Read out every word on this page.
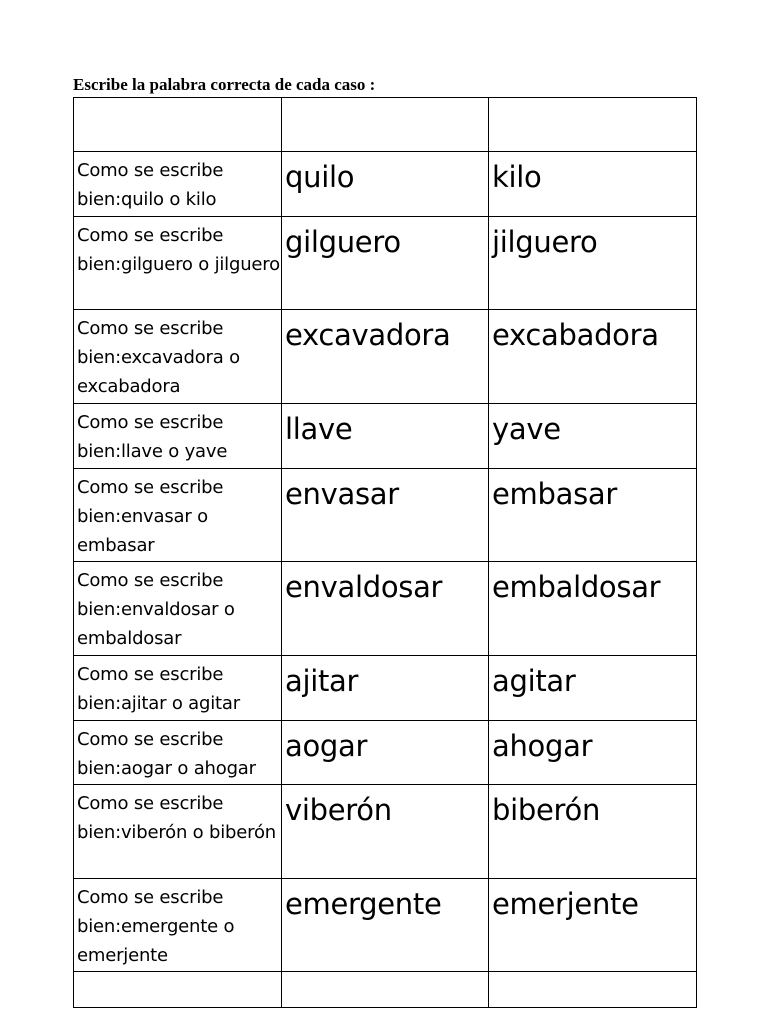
Escribe la palabra correcta de cada caso :

Como se escribe bien:quilo o kilo	quilo	kilo

Como se escribe bien:gilguero o jilguero	gilguero	jilguero

Como se escribe bien:excavadora o excabadora	excavadora	excabadora

Como se escribe bien:llave o yave	llave	yave

Como se escribe bien:envasar o embasar	envasar	embasar

Como se escribe bien:envaldosar o embaldosar	envaldosar	embaldosar

Como se escribe bien:ajitar o agitar	ajitar	agitar

Como se escribe bien:aogar o ahogar	aogar	ahogar

Como se escribe bien:viberón o biberón	viberón	biberón

Como se escribe bien:emergente o emerjente	emergente	emerjente
